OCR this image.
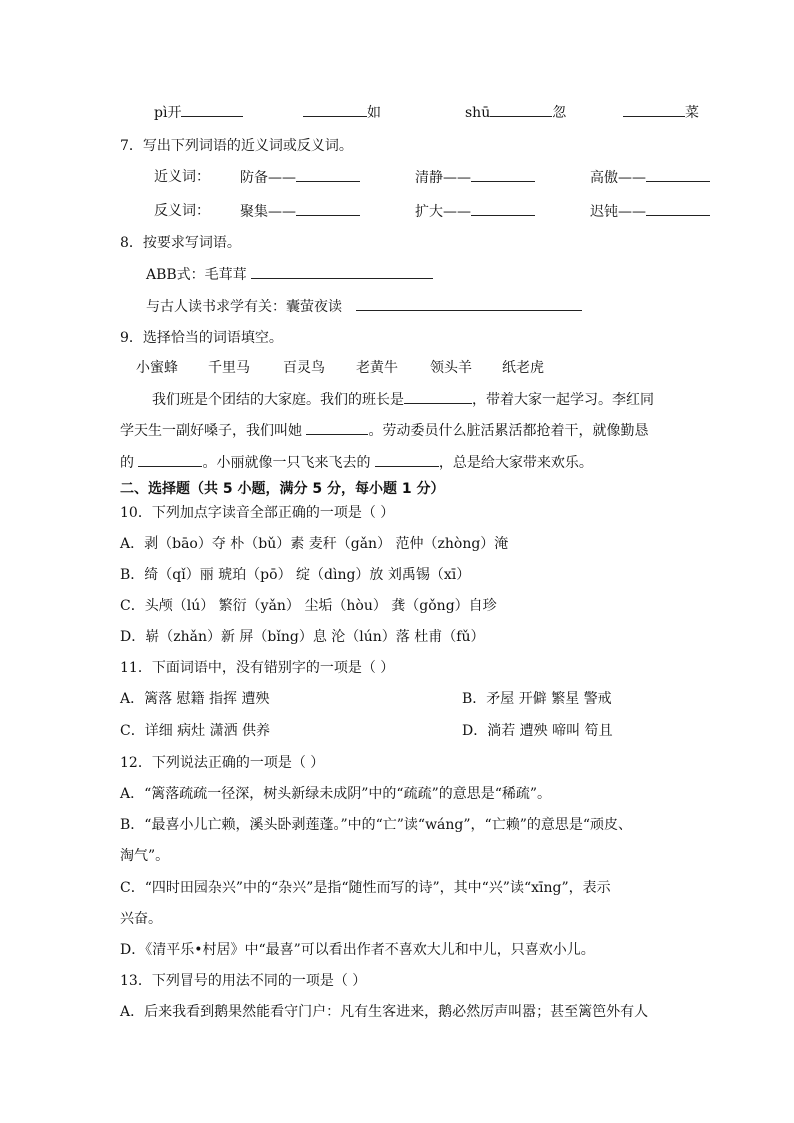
pì开	如	shū	忽	菜
7．写出下列词语的近义词或反义词。
近义词： 防备——	清静——	高傲——
反义词： 聚集——	扩大——	迟钝——
8．按要求写词语。
ABB式：毛茸茸
与古人读书求学有关：囊萤夜读
9．选择恰当的词语填空。
小蜜蜂 千里马 百灵鸟 老黄牛 领头羊 纸老虎
我们班是个团结的大家庭。我们的班长是	，带着大家一起学习。李红同
学天生一副好嗓子，我们叫她	。劳动委员什么脏活累活都抢着干，就像勤恳
的	。小丽就像一只飞来飞去的	，总是给大家带来欢乐。
二、选择题（共 5 小题，满分 5 分，每小题 1 分）
10．下列加点字读音全部正确的一项是（ ）
A．剥（bāo）夺 朴（bǔ）素 麦秆（gǎn） 范仲（zhòng）淹
B．绮（qǐ）丽 琥珀（pō） 绽（dìng）放 刘禹锡（xī）
C．头颅（lú） 繁衍（yǎn） 尘垢（hòu） 龚（gǒng）自珍
D．崭（zhǎn）新 屏（bǐng）息 沦（lún）落 杜甫（fǔ）
11．下面词语中，没有错别字的一项是（ ）
A．篱落 慰籍 指挥 遭殃	B．矛屋 开僻 繁星 警戒
C．详细 病灶 潇洒 供养	D．淌若 遭殃 啼叫 笱且
12．下列说法正确的一项是（ ）
A．“篱落疏疏一径深，树头新绿未成阴”中的“疏疏”的意思是“稀疏”。
B．“最喜小儿亡赖，溪头卧剥莲蓬。”中的“亡”读“wáng”，“亡赖”的意思是“顽皮、
淘气”。
C．“四时田园杂兴”中的“杂兴”是指“随性而写的诗”，其中“兴”读“xīng”，表示
兴奋。
D．《清平乐•村居》中“最喜”可以看出作者不喜欢大儿和中儿，只喜欢小儿。
13．下列冒号的用法不同的一项是（ ）
A．后来我看到鹅果然能看守门户：凡有生客进来，鹅必然厉声叫嚣；甚至篱笆外有人
